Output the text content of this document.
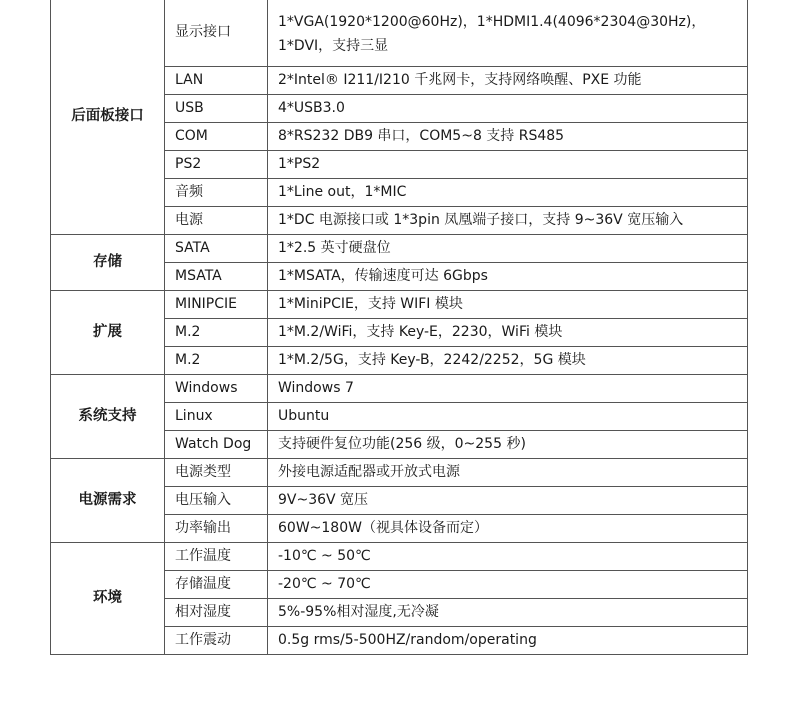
后面板接口	显示接口	1*VGA(1920*1200@60Hz)，1*HDMI1.4(4096*2304@30Hz)，1*DVI，支持三显
	LAN	2*Intel® I211/I210 千兆网卡，支持网络唤醒、PXE 功能
	USB	4*USB3.0
	COM	8*RS232 DB9 串口，COM5~8 支持 RS485
	PS2	1*PS2
	音频	1*Line out，1*MIC
	电源	1*DC 电源接口或 1*3pin 凤凰端子接口，支持 9~36V 宽压输入
存储	SATA	1*2.5 英寸硬盘位
	MSATA	1*MSATA，传输速度可达 6Gbps
扩展	MINIPCIE	1*MiniPCIE，支持 WIFI 模块
	M.2	1*M.2/WiFi，支持 Key-E，2230，WiFi 模块
	M.2	1*M.2/5G，支持 Key-B，2242/2252，5G 模块
系统支持	Windows	Windows 7
	Linux	Ubuntu
	Watch Dog	支持硬件复位功能(256 级，0~255 秒)
电源需求	电源类型	外接电源适配器或开放式电源
	电压输入	9V~36V 宽压
	功率输出	60W~180W（视具体设备而定）
环境	工作温度	-10℃ ~ 50℃
	存储温度	-20℃ ~ 70℃
	相对湿度	5%-95%相对湿度,无冷凝
	工作震动	0.5g rms/5-500HZ/random/operating
